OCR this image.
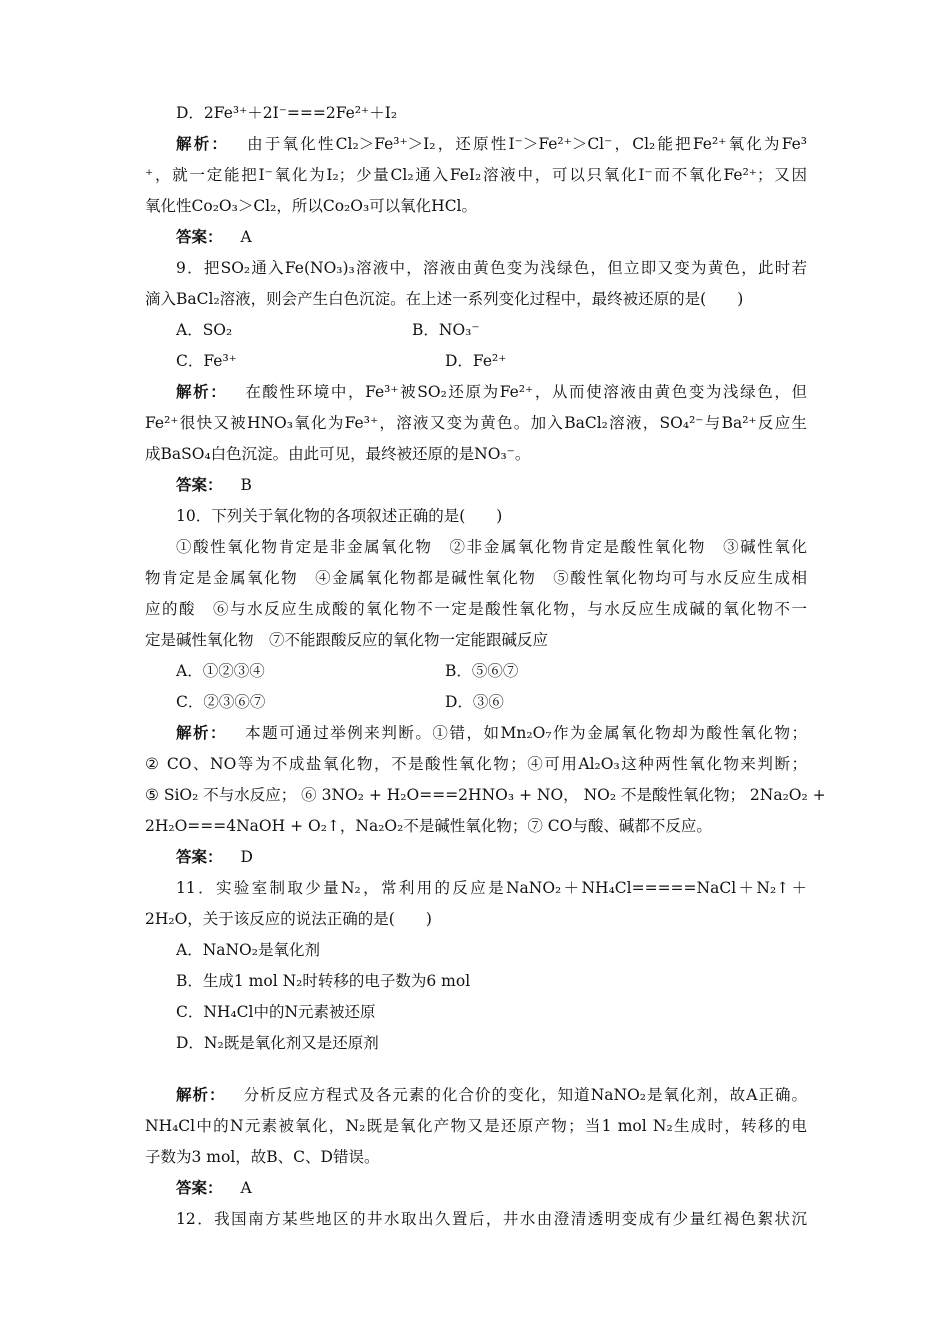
D．2Fe³⁺＋2I⁻===2Fe²⁺＋I₂
解析： 由于氧化性Cl₂＞Fe³⁺＞I₂，还原性I⁻＞Fe²⁺＞Cl⁻，Cl₂能把Fe²⁺氧化为Fe³
⁺，就一定能把I⁻氧化为I₂；少量Cl₂通入FeI₂溶液中，可以只氧化I⁻而不氧化Fe²⁺；又因
氧化性Co₂O₃＞Cl₂，所以Co₂O₃可以氧化HCl。
答案： A
9．把SO₂通入Fe(NO₃)₃溶液中，溶液由黄色变为浅绿色，但立即又变为黄色，此时若
滴入BaCl₂溶液，则会产生白色沉淀。在上述一系列变化过程中，最终被还原的是(　　)
A．SO₂	B．NO₃⁻
C．Fe³⁺	D．Fe²⁺
解析： 在酸性环境中，Fe³⁺被SO₂还原为Fe²⁺，从而使溶液由黄色变为浅绿色，但
Fe²⁺很快又被HNO₃氧化为Fe³⁺，溶液又变为黄色。加入BaCl₂溶液，SO₄²⁻与Ba²⁺反应生
成BaSO₄白色沉淀。由此可见，最终被还原的是NO₃⁻。
答案： B
10．下列关于氧化物的各项叙述正确的是(　　)
①酸性氧化物肯定是非金属氧化物　②非金属氧化物肯定是酸性氧化物　③碱性氧化
物肯定是金属氧化物　④金属氧化物都是碱性氧化物　⑤酸性氧化物均可与水反应生成相
应的酸　⑥与水反应生成酸的氧化物不一定是酸性氧化物，与水反应生成碱的氧化物不一
定是碱性氧化物　⑦不能跟酸反应的氧化物一定能跟碱反应
A．①②③④	B．⑤⑥⑦
C．②③⑥⑦	D．③⑥
解析： 本题可通过举例来判断。①错，如Mn₂O₇作为金属氧化物却为酸性氧化物；
② CO、NO等为不成盐氧化物，不是酸性氧化物；④可用Al₂O₃这种两性氧化物来判断；
⑤ SiO₂ 不与水反应； ⑥ 3NO₂ + H₂O===2HNO₃ + NO， NO₂ 不是酸性氧化物； 2Na₂O₂ +
2H₂O===4NaOH + O₂↑，Na₂O₂不是碱性氧化物；⑦ CO与酸、碱都不反应。
答案： D
11．实验室制取少量N₂，常利用的反应是NaNO₂＋NH₄Cl=====NaCl＋N₂↑＋
2H₂O，关于该反应的说法正确的是(　　)
A．NaNO₂是氧化剂
B．生成1 mol N₂时转移的电子数为6 mol
C．NH₄Cl中的N元素被还原
D．N₂既是氧化剂又是还原剂
解析： 分析反应方程式及各元素的化合价的变化，知道NaNO₂是氧化剂，故A正确。
NH₄Cl中的N元素被氧化，N₂既是氧化产物又是还原产物；当1 mol N₂生成时，转移的电
子数为3 mol，故B、C、D错误。
答案： A
12．我国南方某些地区的井水取出久置后，井水由澄清透明变成有少量红褐色絮状沉
